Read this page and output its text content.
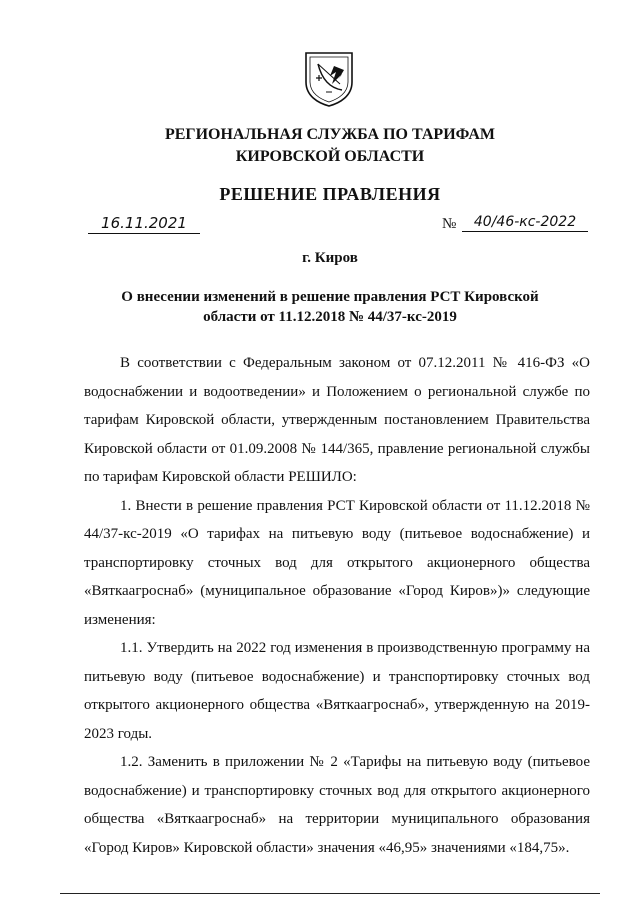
РЕГИОНАЛЬНАЯ СЛУЖБА ПО ТАРИФАМ
КИРОВСКОЙ ОБЛАСТИ
РЕШЕНИЕ ПРАВЛЕНИЯ
16.11.2021	№	40/46-кс-2022
г. Киров
О внесении изменений в решение правления РСТ Кировской
области от 11.12.2018 № 44/37-кс-2019

В соответствии с Федеральным законом от 07.12.2011 № 416-ФЗ «О водоснабжении и водоотведении» и Положением о региональной службе по тарифам Кировской области, утвержденным постановлением Правительства Кировской области от 01.09.2008 № 144/365, правление региональной службы по тарифам Кировской области РЕШИЛО:

1. Внести в решение правления РСТ Кировской области от 11.12.2018 № 44/37-кс-2019 «О тарифах на питьевую воду (питьевое водоснабжение) и транспортировку сточных вод для открытого акционерного общества «Вяткаагроснаб» (муниципальное образование «Город Киров»)» следующие изменения:

1.1. Утвердить на 2022 год изменения в производственную программу на питьевую воду (питьевое водоснабжение) и транспортировку сточных вод открытого акционерного общества «Вяткаагроснаб», утвержденную на 2019-2023 годы.

1.2. Заменить в приложении № 2 «Тарифы на питьевую воду (питьевое водоснабжение) и транспортировку сточных вод для открытого акционерного общества «Вяткаагроснаб» на территории муниципального образования «Город Киров» Кировской области» значения «46,95» значениями «184,75».
